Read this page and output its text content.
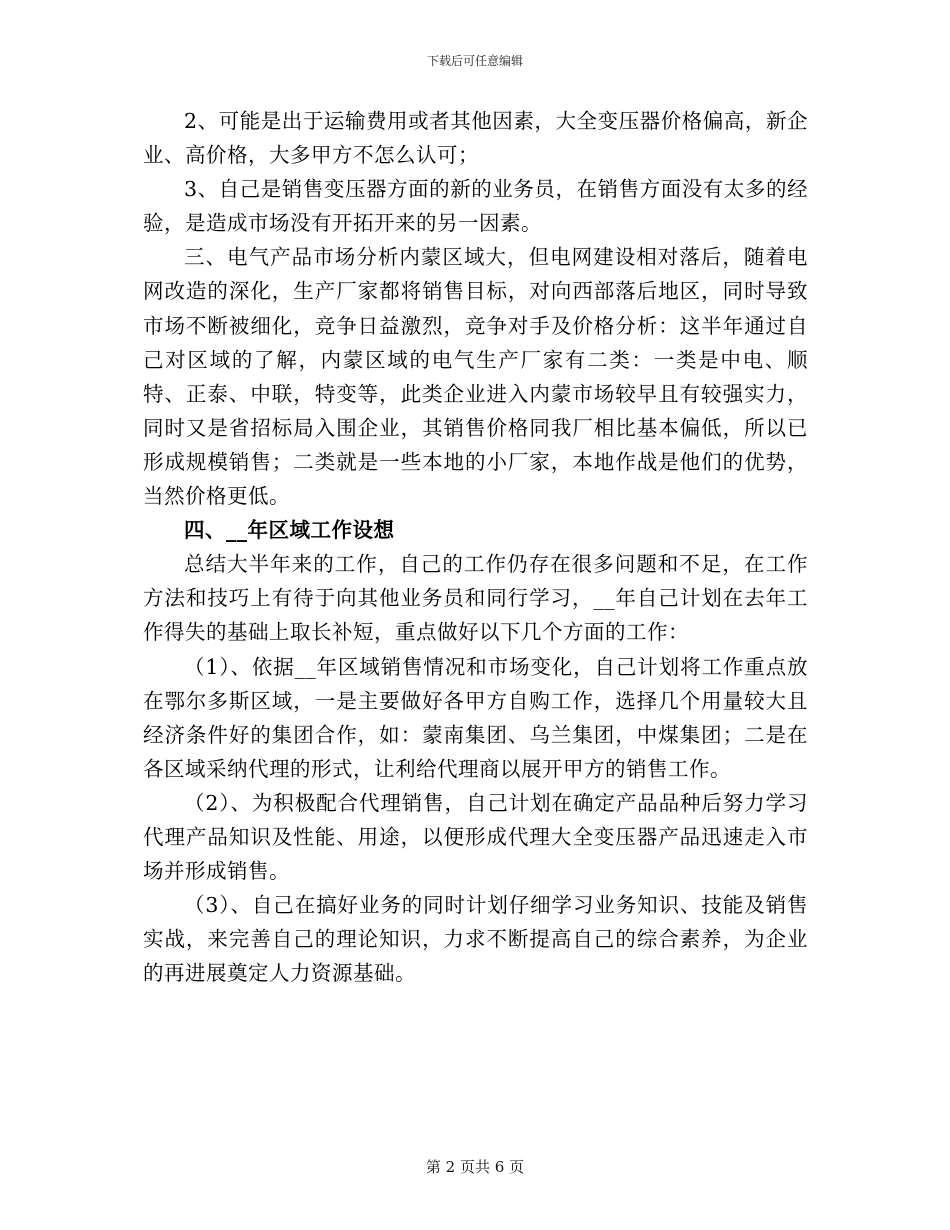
下载后可任意编辑

2、可能是出于运输费用或者其他因素，大全变压器价格偏高，新企业、高价格，大多甲方不怎么认可；

3、自己是销售变压器方面的新的业务员，在销售方面没有太多的经验，是造成市场没有开拓开来的另一因素。

三、电气产品市场分析内蒙区域大，但电网建设相对落后，随着电网改造的深化，生产厂家都将销售目标，对向西部落后地区，同时导致市场不断被细化，竞争日益激烈，竞争对手及价格分析：这半年通过自己对区域的了解，内蒙区域的电气生产厂家有二类：一类是中电、顺特、正泰、中联，特变等，此类企业进入内蒙市场较早且有较强实力，同时又是省招标局入围企业，其销售价格同我厂相比基本偏低，所以已形成规模销售；二类就是一些本地的小厂家，本地作战是他们的优势，当然价格更低。

四、__年区域工作设想

总结大半年来的工作，自己的工作仍存在很多问题和不足，在工作方法和技巧上有待于向其他业务员和同行学习，__年自己计划在去年工作得失的基础上取长补短，重点做好以下几个方面的工作：

（1）、依据__年区域销售情况和市场变化，自己计划将工作重点放在鄂尔多斯区域，一是主要做好各甲方自购工作，选择几个用量较大且经济条件好的集团合作，如：蒙南集团、乌兰集团，中煤集团；二是在各区域采纳代理的形式，让利给代理商以展开甲方的销售工作。

（2）、为积极配合代理销售，自己计划在确定产品品种后努力学习代理产品知识及性能、用途，以便形成代理大全变压器产品迅速走入市场并形成销售。

（3）、自己在搞好业务的同时计划仔细学习业务知识、技能及销售实战，来完善自己的理论知识，力求不断提高自己的综合素养，为企业的再进展奠定人力资源基础。

第 2 页共 6 页
